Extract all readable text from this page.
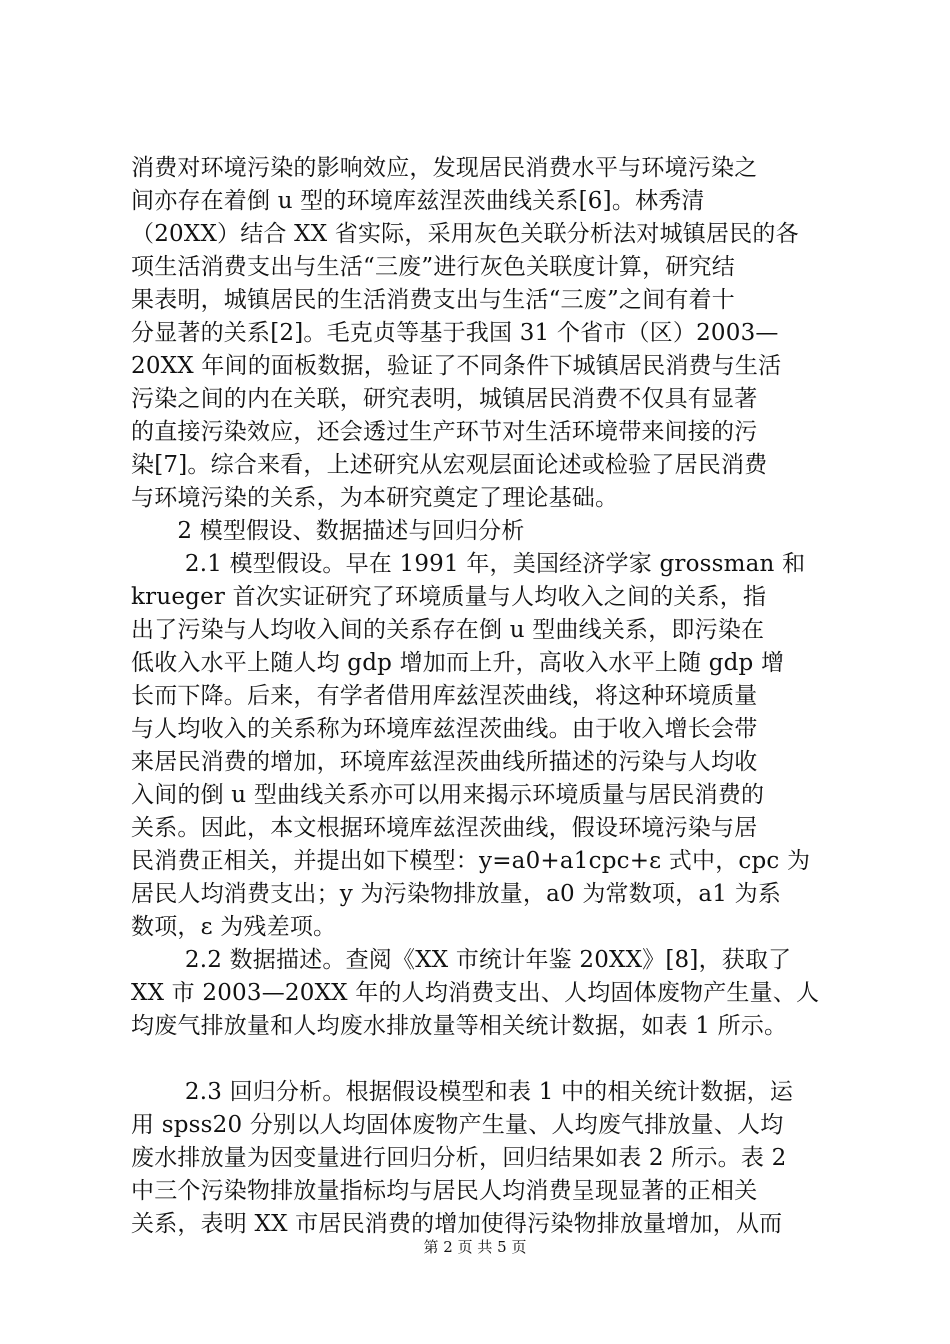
消费对环境污染的影响效应，发现居民消费水平与环境污染之
间亦存在着倒 u 型的环境库兹涅茨曲线关系[6]。林秀清
（20XX）结合 XX 省实际，采用灰色关联分析法对城镇居民的各
项生活消费支出与生活“三废”进行灰色关联度计算，研究结
果表明，城镇居民的生活消费支出与生活“三废”之间有着十
分显著的关系[2]。毛克贞等基于我国 31 个省市（区）2003—
20XX 年间的面板数据，验证了不同条件下城镇居民消费与生活
污染之间的内在关联，研究表明，城镇居民消费不仅具有显著
的直接污染效应，还会透过生产环节对生活环境带来间接的污
染[7]。综合来看，上述研究从宏观层面论述或检验了居民消费
与环境污染的关系，为本研究奠定了理论基础。
　　2 模型假设、数据描述与回归分析
　　 2.1 模型假设。早在 1991 年，美国经济学家 grossman 和
krueger 首次实证研究了环境质量与人均收入之间的关系，指
出了污染与人均收入间的关系存在倒 u 型曲线关系，即污染在
低收入水平上随人均 gdp 增加而上升，高收入水平上随 gdp 增
长而下降。后来，有学者借用库兹涅茨曲线，将这种环境质量
与人均收入的关系称为环境库兹涅茨曲线。由于收入增长会带
来居民消费的增加，环境库兹涅茨曲线所描述的污染与人均收
入间的倒 u 型曲线关系亦可以用来揭示环境质量与居民消费的
关系。因此，本文根据环境库兹涅茨曲线，假设环境污染与居
民消费正相关，并提出如下模型：y=a0+a1cpc+ε 式中，cpc 为
居民人均消费支出；y 为污染物排放量，a0 为常数项，a1 为系
数项，ε 为残差项。
　　 2.2 数据描述。查阅《XX 市统计年鉴 20XX》[8]，获取了
XX 市 2003—20XX 年的人均消费支出、人均固体废物产生量、人
均废气排放量和人均废水排放量等相关统计数据，如表 1 所示。
　　 2.3 回归分析。根据假设模型和表 1 中的相关统计数据，运
用 spss20 分别以人均固体废物产生量、人均废气排放量、人均
废水排放量为因变量进行回归分析，回归结果如表 2 所示。表 2
中三个污染物排放量指标均与居民人均消费呈现显著的正相关
关系，表明 XX 市居民消费的增加使得污染物排放量增加，从而
第 2 页 共 5 页
